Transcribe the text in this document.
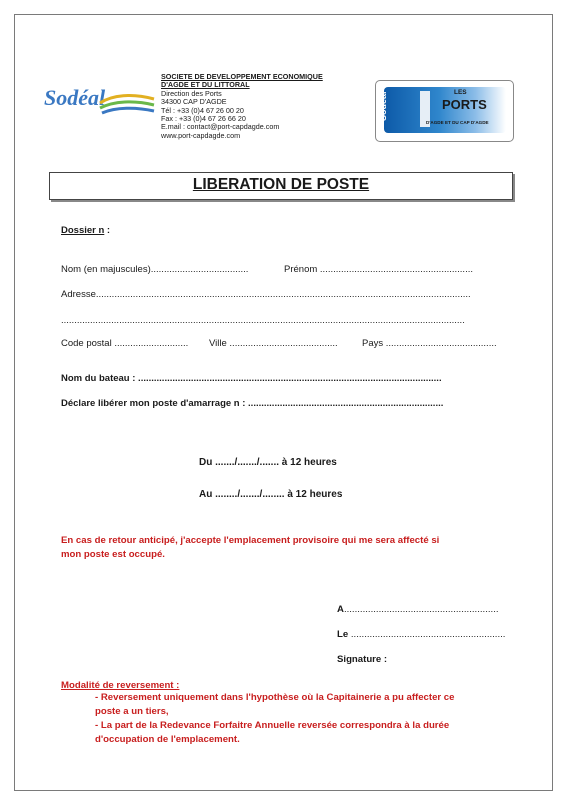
Sodéal
SOCIETE DE DEVELOPPEMENT ECONOMIQUE
D'AGDE ET DU LITTORAL
Direction des Ports
34300 CAP D'AGDE
Tél : +33 (0)4 67 26 00 20
Fax : +33 (0)4 67 26 66 20
E.mail : contact@port-capdagde.com
www.port-capdagde.com
Sodéal	LES
PORTS
D'AGDE ET DU CAP D'AGDE
LIBERATION DE POSTE
Dossier n :
Nom (en majuscules).....................................	Prénom ..........................................................
Adresse..............................................................................................................................................
.........................................................................................................................................................
Code postal ............................ Ville .........................................	Pays ..........................................
Nom du bateau : ...................................................................................................................
Déclare libérer mon poste d'amarrage n : ..........................................................................
Du ......./......./....... à 12 heures
Au ......../......./........ à 12 heures
En cas de retour anticipé, j'accepte l'emplacement provisoire qui me sera affecté si
mon poste est occupé.
A..........................................................
Le ..........................................................
Signature :
Modalité de reversement :
- Reversement uniquement dans l'hypothèse où la Capitainerie a pu affecter ce
poste a un tiers,
- La part de la Redevance Forfaitre Annuelle reversée correspondra à la durée
d'occupation de l'emplacement.
